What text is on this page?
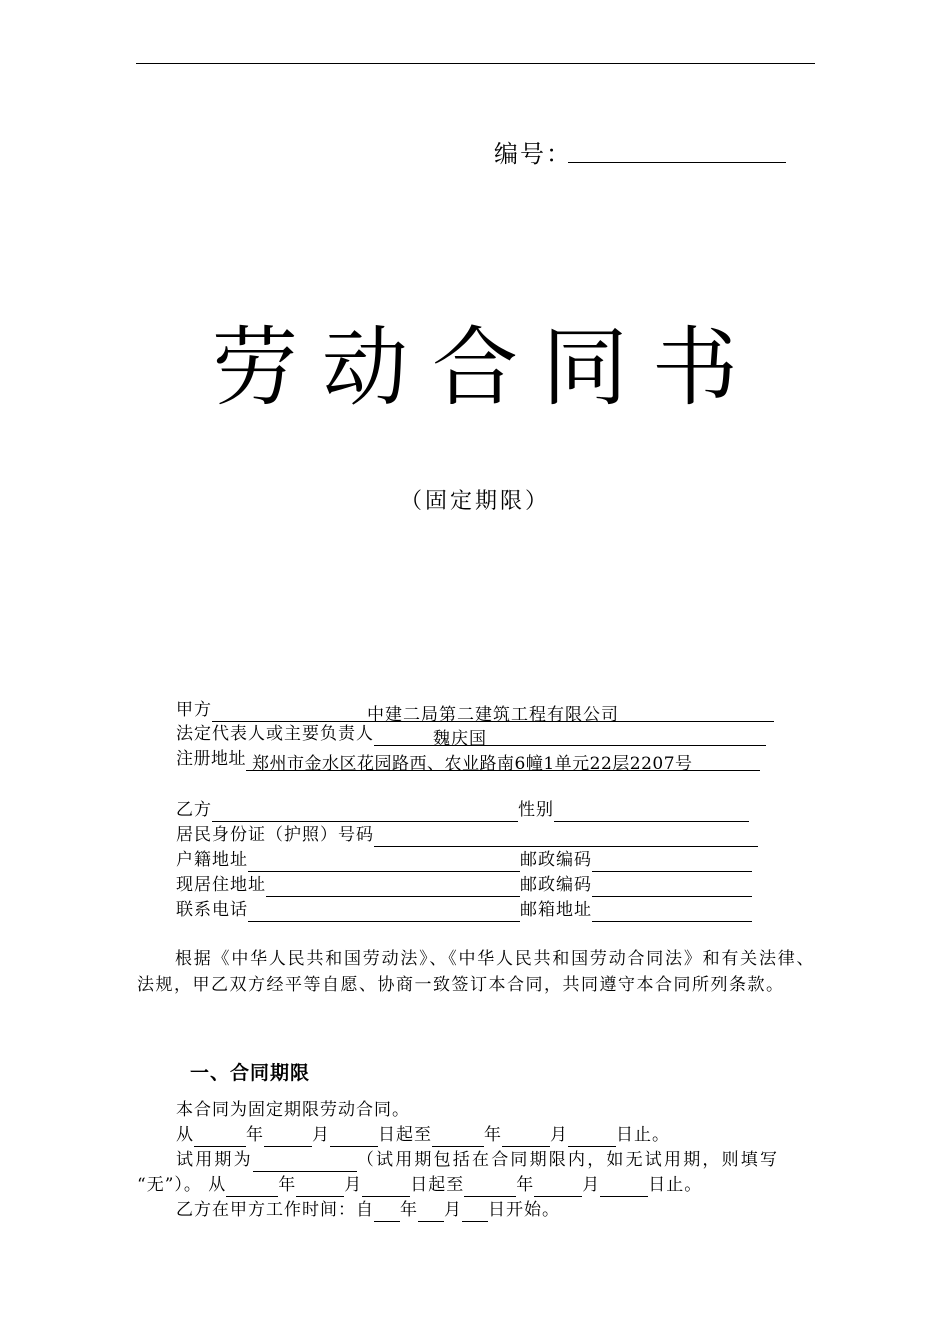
编号：
劳动合同书
（固定期限）
甲方	中建二局第二建筑工程有限公司
法定代表人或主要负责人	魏庆国
注册地址 郑州市金水区花园路西、农业路南6幢1单元22层2207号
乙方	性别
居民身份证（护照）号码
户籍地址	邮政编码
现居住地址	邮政编码
联系电话	邮箱地址
根据《中华人民共和国劳动法》、《中华人民共和国劳动合同法》和有关法律、法规，甲乙双方经平等自愿、协商一致签订本合同，共同遵守本合同所列条款。
一、合同期限
本合同为固定期限劳动合同。
从	年	月	日起至	年	月	日止。
试用期为	（试用期包括在合同期限内，如无试用期，则填写
“无”）。 从	年	月	日起至	年	月	日止。
乙方在甲方工作时间：自 年 月 日开始。
